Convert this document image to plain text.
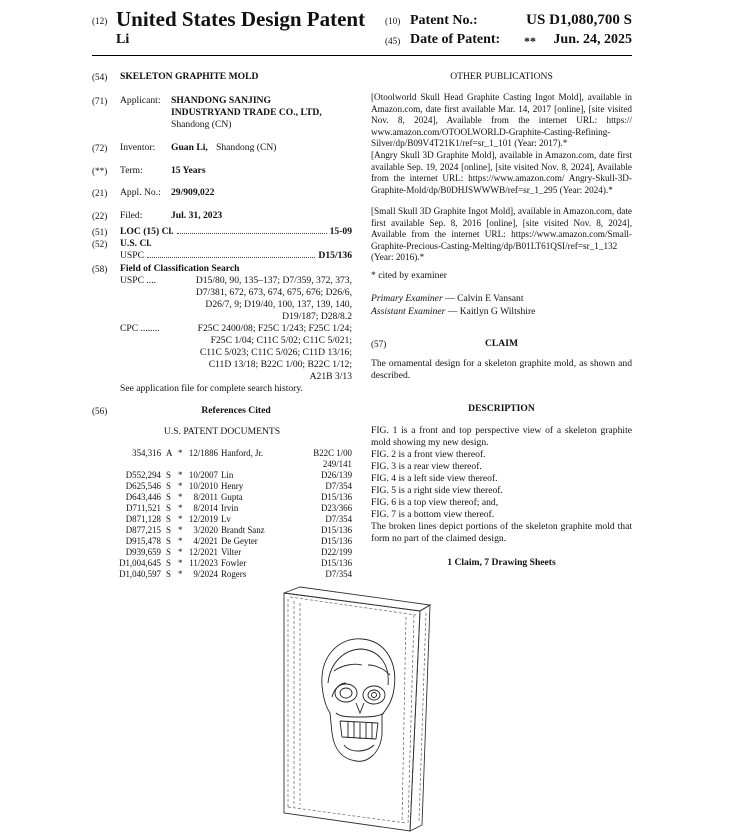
(12) United States Design Patent
Li
(10) Patent No.:	US D1,080,700 S
(45) Date of Patent: **	Jun. 24, 2025
(54)	SKELETON GRAPHITE MOLD
(71)	Applicant: SHANDONG SANJING
INDUSTRYAND TRADE CO., LTD,
Shandong (CN)
(72)	Inventor: Guan Li, Shandong (CN)
(**)	Term:	15 Years
(21)	Appl. No.: 29/909,022
(22)	Filed:	Jul. 31, 2023
(51)	LOC (15) Cl.	15-09
(52)	U.S. Cl.
USPC	D15/136
(58)	Field of Classification Search
USPC ....	D15/80, 90, 135–137; D7/359, 372, 373,
D7/381, 672, 673, 674, 675, 676; D26/6,
D26/7, 9; D19/40, 100, 137, 139, 140,
D19/187; D28/8.2
CPC ........	F25C 2400/08; F25C 1/243; F25C 1/24;
F25C 1/04; C11C 5/02; C11C 5/021;
C11C 5/023; C11C 5/026; C11D 13/16;
C11D 13/18; B22C 1/00; B22C 1/12;
A21B 3/13
See application file for complete search history.
(56)	References Cited
U.S. PATENT DOCUMENTS
354,316 A * 12/1886 Hanford, Jr.	B22C 1/00
249/141
D552,294 S * 10/2007 Lin	D26/139
D625,546 S * 10/2010 Henry	D7/354
D643,446 S *	8/2011 Gupta	D15/136
D711,521 S *	8/2014 Irvin	D23/366
D871,128 S * 12/2019 Lv	D7/354
D877,215 S *	3/2020 Brandt Sanz	D15/136
D915,478 S *	4/2021 De Geyter	D15/136
D939,659 S * 12/2021 Vilter	D22/199
D1,004,645 S * 11/2023 Fowler	D15/136
D1,040,597 S *	9/2024 Rogers	D7/354
OTHER PUBLICATIONS
[Otoolworld Skull Head Graphite Casting Ingot Mold], available in Amazon.com, date first available Mar. 14, 2017 [online], [site visited Nov. 8, 2024], Available from the internet URL: https:// www.amazon.com/OTOOLWORLD-Graphite-Casting-Refining-Silver/dp/B09V4T21K1/ref=sr_1_101 (Year: 2017).*
[Angry Skull 3D Graphite Mold], available in Amazon.com, date first available Sep. 19, 2024 [online], [site visited Nov. 8, 2024], Available from the internet URL: https://www.amazon.com/ Angry-Skull-3D-Graphite-Mold/dp/B0DHJSWWWB/ref=sr_1_295 (Year: 2024).*
[Small Skull 3D Graphite Ingot Mold], available in Amazon.com, date first available Sep. 8, 2016 [online], [site visited Nov. 8, 2024], Available from the internet URL: https://www.amazon.com/Small-Graphite-Precious-Casting-Melting/dp/B01LT61QSI/ref=sr_1_132 (Year: 2016).*
* cited by examiner
Primary Examiner — Calvin E Vansant
Assistant Examiner — Kaitlyn G Wiltshire
(57)	CLAIM
The ornamental design for a skeleton graphite mold, as shown and described.
DESCRIPTION
FIG. 1 is a front and top perspective view of a skeleton graphite mold showing my new design.
FIG. 2 is a front view thereof.
FIG. 3 is a rear view thereof.
FIG. 4 is a left side view thereof.
FIG. 5 is a right side view thereof.
FIG. 6 is a top view thereof; and,
FIG. 7 is a bottom view thereof.
The broken lines depict portions of the skeleton graphite mold that form no part of the claimed design.
1 Claim, 7 Drawing Sheets
